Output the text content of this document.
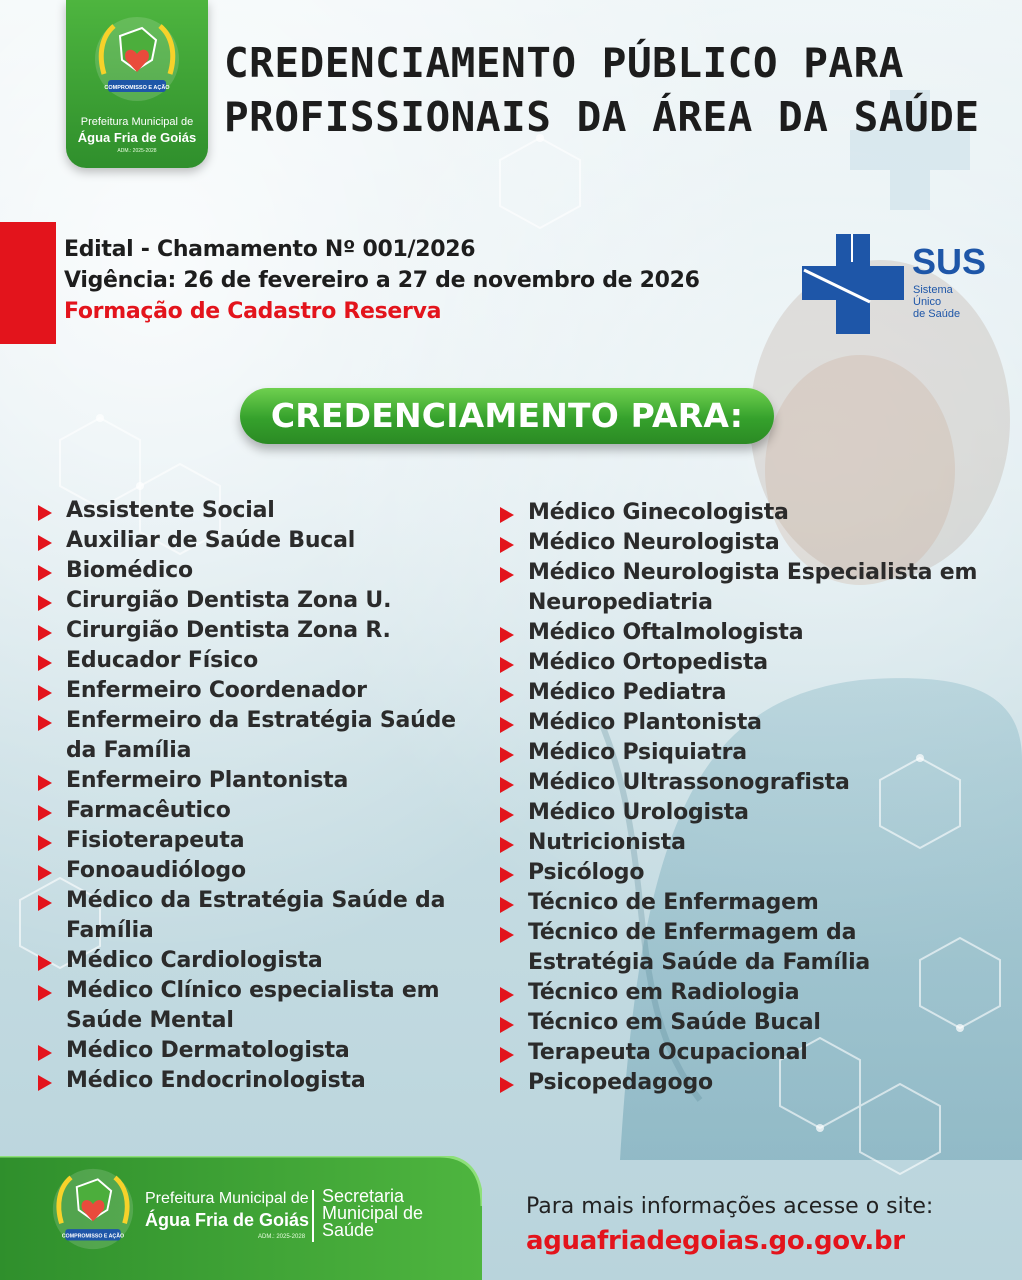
COMPROMISSO E AÇÃO
Prefeitura Municipal de
Água Fria de Goiás
ADM.: 2025-2028
CREDENCIAMENTO PÚBLICO PARA
PROFISSIONAIS DA ÁREA DA SAÚDE
Edital - Chamamento Nº 001/2026
Vigência: 26 de fevereiro a 27 de novembro de 2026
Formação de Cadastro Reserva
SUS
Sistema
Único
de Saúde
CREDENCIAMENTO PARA:
Assistente Social
Auxiliar de Saúde Bucal
Biomédico
Cirurgião Dentista Zona U.
Cirurgião Dentista Zona R.
Educador Físico
Enfermeiro Coordenador
Enfermeiro da Estratégia Saúde da Família
Enfermeiro Plantonista
Farmacêutico
Fisioterapeuta
Fonoaudiólogo
Médico da Estratégia Saúde da Família
Médico Cardiologista
Médico Clínico especialista em Saúde Mental
Médico Dermatologista
Médico Endocrinologista
Médico Ginecologista
Médico Neurologista
Médico Neurologista Especialista em Neuropediatria
Médico Oftalmologista
Médico Ortopedista
Médico Pediatra
Médico Plantonista
Médico Psiquiatra
Médico Ultrassonografista
Médico Urologista
Nutricionista
Psicólogo
Técnico de Enfermagem
Técnico de Enfermagem da Estratégia Saúde da Família
Técnico em Radiologia
Técnico em Saúde Bucal
Terapeuta Ocupacional
Psicopedagogo
COMPROMISSO E AÇÃO
Prefeitura Municipal de
Água Fria de Goiás
ADM.: 2025-2028
Secretaria
Municipal de
Saúde
Para mais informações acesse o site:
aguafriadegoias.go.gov.br
